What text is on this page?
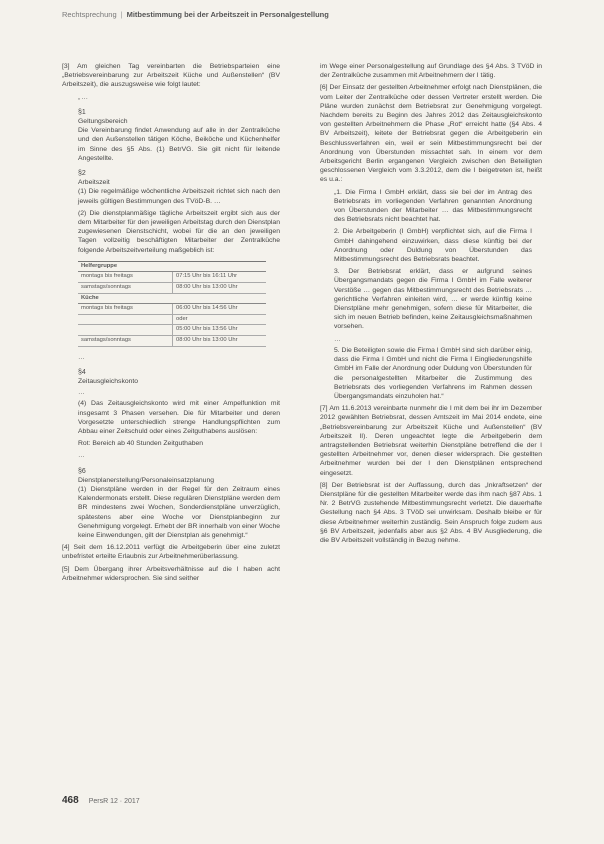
Rechtsprechung | Mitbestimmung bei der Arbeitszeit in Personalgestellung

[3] Am gleichen Tag vereinbarten die Betriebsparteien eine „Betriebsvereinbarung zur Arbeitszeit Küche und Außenstellen“ (BV Arbeitszeit), die auszugsweise wie folgt lautet:

„…
§1
Geltungsbereich

Die Vereinbarung findet Anwendung auf alle in der Zentralküche und den Außenstellen tätigen Köche, Beiköche und Küchenhelfer im Sinne des §5 Abs. (1) BetrVG. Sie gilt nicht für leitende Angestellte.

§2
Arbeitszeit

(1) Die regelmäßige wöchentliche Arbeitszeit richtet sich nach den jeweils gültigen Bestimmungen des TVöD-B. …

(2) Die dienstplanmäßige tägliche Arbeitszeit ergibt sich aus der dem Mitarbeiter für den jeweiligen Arbeitstag durch den Dienstplan zugewiesenen Dienstschicht, wobei für die an den jeweiligen Tagen vollzeitig beschäftigten Mitarbeiter der Zentralküche folgende Arbeitszeitverteilung maßgeblich ist:

Helfergruppe	
montags bis freitags	07:15 Uhr bis 16:11 Uhr
samstags/sonntags	08:00 Uhr bis 13:00 Uhr
Küche	
montags bis freitags	06:00 Uhr bis 14:56 Uhr
	oder
	05:00 Uhr bis 13:56 Uhr
samstags/sonntags	08:00 Uhr bis 13:00 Uhr
…
§4
Zeitausgleichskonto
…

(4) Das Zeitausgleichskonto wird mit einer Ampelfunktion mit insgesamt 3 Phasen versehen. Die für Mitarbeiter und deren Vorgesetzte unterschiedlich strenge Handlungspflichten zum Abbau einer Zeitschuld oder eines Zeitguthabens auslösen:

Rot: Bereich ab 40 Stunden Zeitguthaben

…
§6
Dienstplanerstellung/Personaleinsatzplanung

(1) Dienstpläne werden in der Regel für den Zeitraum eines Kalendermonats erstellt. Diese regulären Dienstpläne werden dem BR mindestens zwei Wochen, Sonderdienstpläne unverzüglich, spätestens aber eine Woche vor Dienstplanbeginn zur Genehmigung vorgelegt. Erhebt der BR innerhalb von einer Woche keine Einwendungen, gilt der Dienstplan als genehmigt.“

[4] Seit dem 16.12.2011 verfügt die Arbeitgeberin über eine zuletzt unbefristet erteilte Erlaubnis zur Arbeitnehmerüberlassung.

[5] Dem Übergang ihrer Arbeitsverhältnisse auf die I haben acht Arbeitnehmer widersprochen. Sie sind seither

im Wege einer Personalgestellung auf Grundlage des §4 Abs. 3 TVöD in der Zentralküche zusammen mit Arbeitnehmern der I tätig.

[6] Der Einsatz der gestellten Arbeitnehmer erfolgt nach Dienstplänen, die vom Leiter der Zentralküche oder dessen Vertreter erstellt werden. Die Pläne wurden zunächst dem Betriebsrat zur Genehmigung vorgelegt. Nachdem bereits zu Beginn des Jahres 2012 das Zeitausgleichskonto von gestellten Arbeitnehmern die Phase „Rot“ erreicht hatte (§4 Abs. 4 BV Arbeitszeit), leitete der Betriebsrat gegen die Arbeitgeberin ein Beschlussverfahren ein, weil er sein Mitbestimmungsrecht bei der Anordnung von Überstunden missachtet sah. In einem vor dem Arbeitsgericht Berlin ergangenen Vergleich zwischen den Beteiligten geschlossenen Vergleich vom 3.3.2012, dem die I beigetreten ist, heißt es u.a.:

„1. Die Firma I GmbH erklärt, dass sie bei der im Antrag des Betriebsrats im vorliegenden Verfahren genannten Anordnung von Überstunden der Mitarbeiter … das Mitbestimmungsrecht des Betriebsrats nicht beachtet hat.

2. Die Arbeitgeberin (I GmbH) verpflichtet sich, auf die Firma I GmbH dahingehend einzuwirken, dass diese künftig bei der Anordnung oder Duldung von Überstunden das Mitbestimmungsrecht des Betriebsrats beachtet.

3. Der Betriebsrat erklärt, dass er aufgrund seines Übergangsmandats gegen die Firma I GmbH im Falle weiterer Verstöße … gegen das Mitbestimmungsrecht des Betriebsrats … gerichtliche Verfahren einleiten wird, … er werde künftig keine Dienstpläne mehr genehmigen, sofern diese für Mitarbeiter, die sich im neuen Betrieb befinden, keine Zeitausgleichsmaßnahmen vorsehen.

…

5. Die Beteiligten sowie die Firma I GmbH sind sich darüber einig, dass die Firma I GmbH und nicht die Firma I Eingliederungshilfe GmbH im Falle der Anordnung oder Duldung von Überstunden für die personalgestellten Mitarbeiter die Zustimmung des Betriebsrats des vorliegenden Verfahrens im Rahmen dessen Übergangsmandats einzuholen hat.“

[7] Am 11.6.2013 vereinbarte nunmehr die I mit dem bei ihr im Dezember 2012 gewählten Betriebsrat, dessen Amtszeit im Mai 2014 endete, eine „Betriebsvereinbarung zur Arbeitszeit Küche und Außenstellen“ (BV Arbeitszeit II). Deren ungeachtet legte die Arbeitgeberin dem antragstellenden Betriebsrat weiterhin Dienstpläne betreffend die der I gestellten Arbeitnehmer vor, denen dieser widersprach. Die gestellten Arbeitnehmer wurden bei der I den Dienstplänen entsprechend eingesetzt.

[8] Der Betriebsrat ist der Auffassung, durch das „Inkraftsetzen“ der Dienstpläne für die gestellten Mitarbeiter werde das ihm nach §87 Abs. 1 Nr. 2 BetrVG zustehende Mitbestimmungsrecht verletzt. Die dauerhafte Gestellung nach §4 Abs. 3 TVöD sei unwirksam. Deshalb bleibe er für diese Arbeitnehmer weiterhin zuständig. Sein Anspruch folge zudem aus §6 BV Arbeitszeit, jedenfalls aber aus §2 Abs. 4 BV Ausgliederung, die die BV Arbeitszeit vollständig in Bezug nehme.

468 PersR 12 · 2017
